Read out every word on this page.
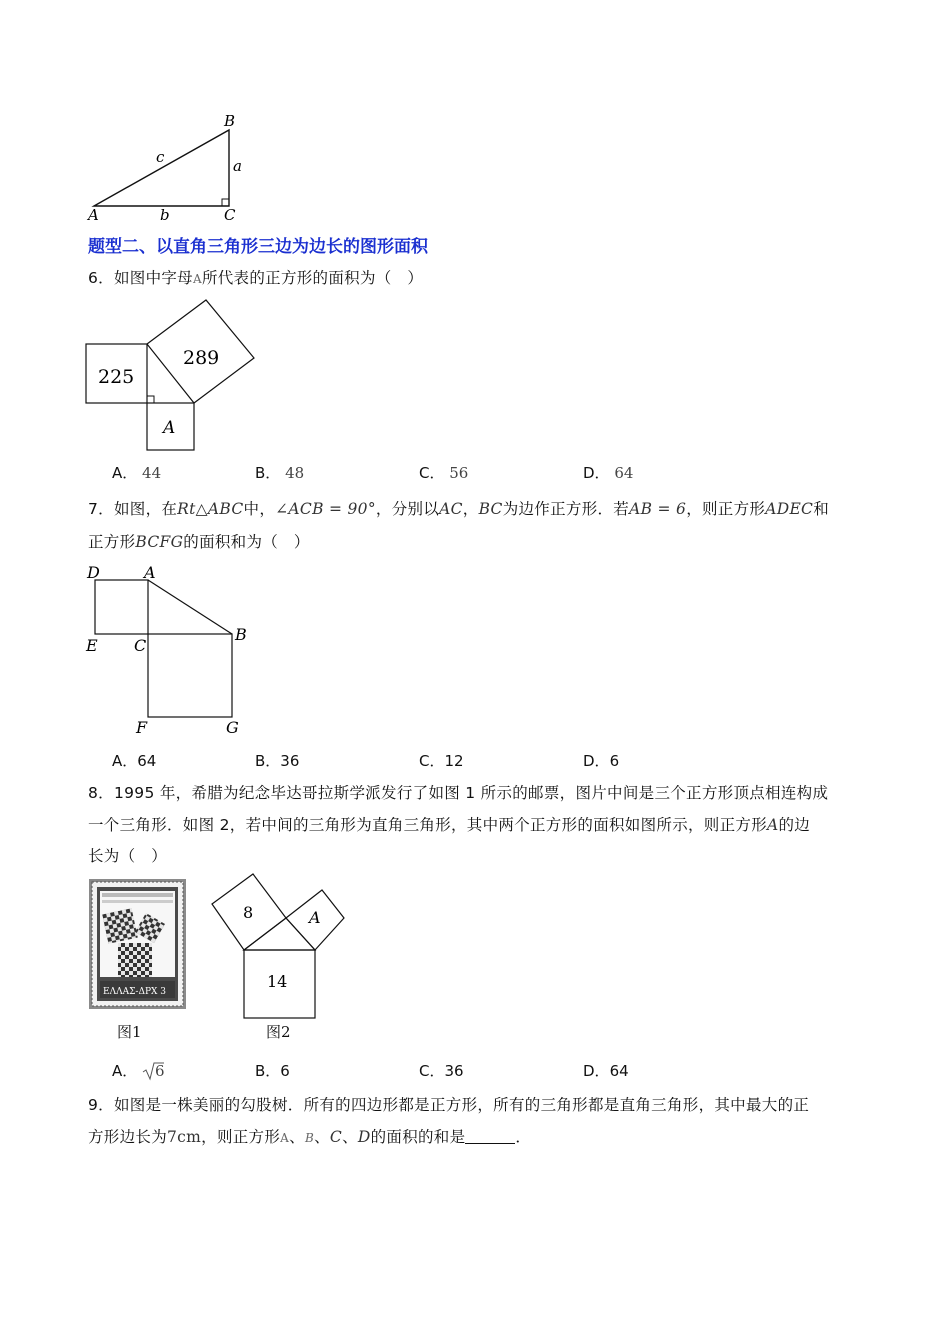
B
c	a
A	b	C
题型二、以直角三角形三边为边长的图形面积
6．如图中字母A所代表的正方形的面积为（　）
225
289
A
A． 44	B． 48	C． 56	D． 64
7．如图，在Rt△ABC中，∠ACB = 90°，分别以AC，BC为边作正方形．若AB = 6，则正方形ADEC和
正方形BCFG的面积和为（　）
D	A
E C
B
F	G
A．64	B．36	C．12	D．6
8．1995 年，希腊为纪念毕达哥拉斯学派发行了如图 1 所示的邮票，图片中间是三个正方形顶点相连构成
一个三角形．如图 2，若中间的三角形为直角三角形，其中两个正方形的面积如图所示，则正方形A的边
长为（　）
ΕΛΛΑΣ-ΔΡΧ 3
图1
8	A
14
图2
A． 6	B．6	C．36	D．64
9．如图是一株美丽的勾股树．所有的四边形都是正方形，所有的三角形都是直角三角形，其中最大的正
方形边长为7cm，则正方形A、B、C、D的面积的和是	．
